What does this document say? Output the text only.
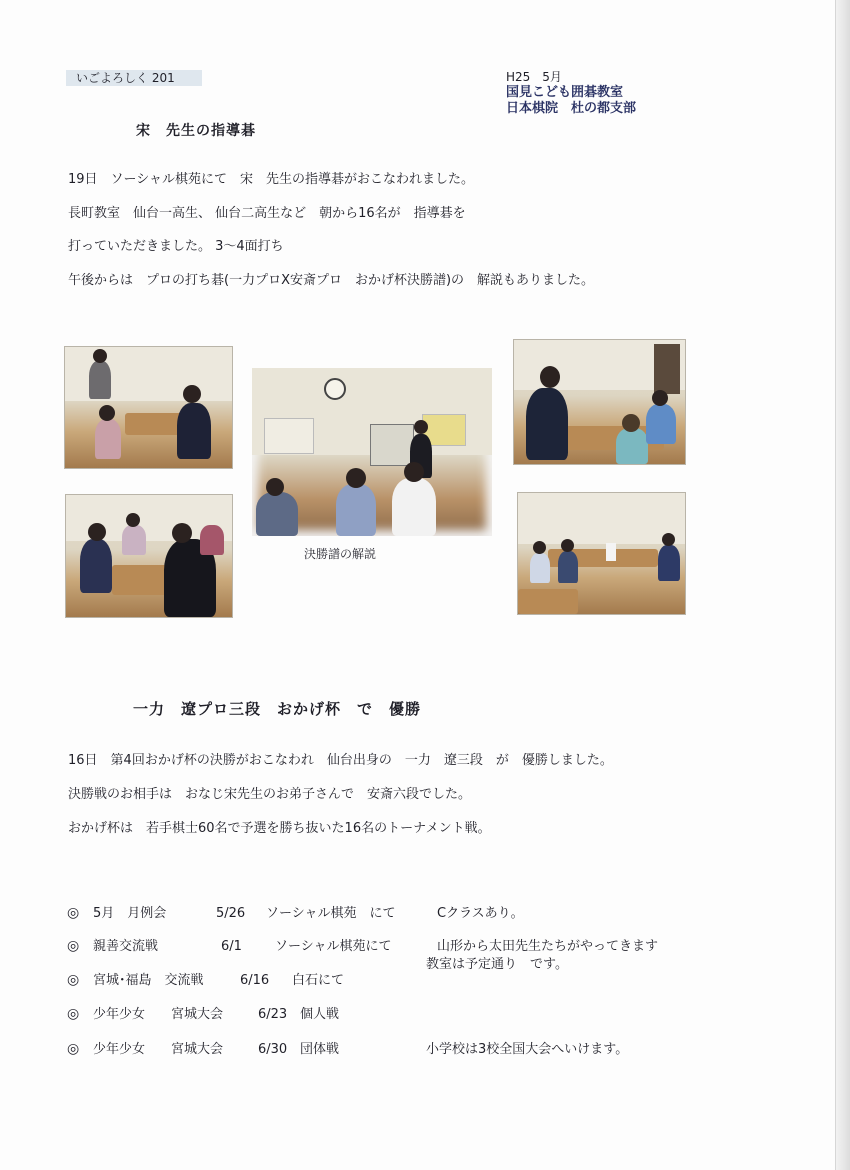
いごよろしく 201	H25　5月
国見こども囲碁教室
日本棋院　杜の都支部
宋　先生の指導碁
19日　ソーシャル棋苑にて　宋　先生の指導碁がおこなわれました。
長町教室　仙台一高生、 仙台二高生など　朝から16名が　指導碁を
打っていただきました。 3～4面打ち
午後からは　プロの打ち碁(一力プロX安斎プロ　おかげ杯決勝譜)の　解説もありました。
決勝譜の解説
一力　遼プロ三段　おかげ杯　で　優勝
16日　第4回おかげ杯の決勝がおこなわれ　仙台出身の　一力　遼三段　が　優勝しました。
決勝戦のお相手は　おなじ宋先生のお弟子さんで　安斎六段でした。
おかげ杯は　若手棋士60名で予選を勝ち抜いた16名のトーナメント戦。
◎ 5月　月例会	5/26 ソーシャル棋苑　にて	Cクラスあり。
◎ 親善交流戦	6/1	ソーシャル棋苑にて	山形から太田先生たちがやってきます
教室は予定通り　です。
◎ 宮城･福島　交流戦	6/16 白石にて
◎ 少年少女　　宮城大会	6/23 個人戦
◎ 少年少女　　宮城大会	6/30 団体戦	小学校は3校全国大会へいけます。
